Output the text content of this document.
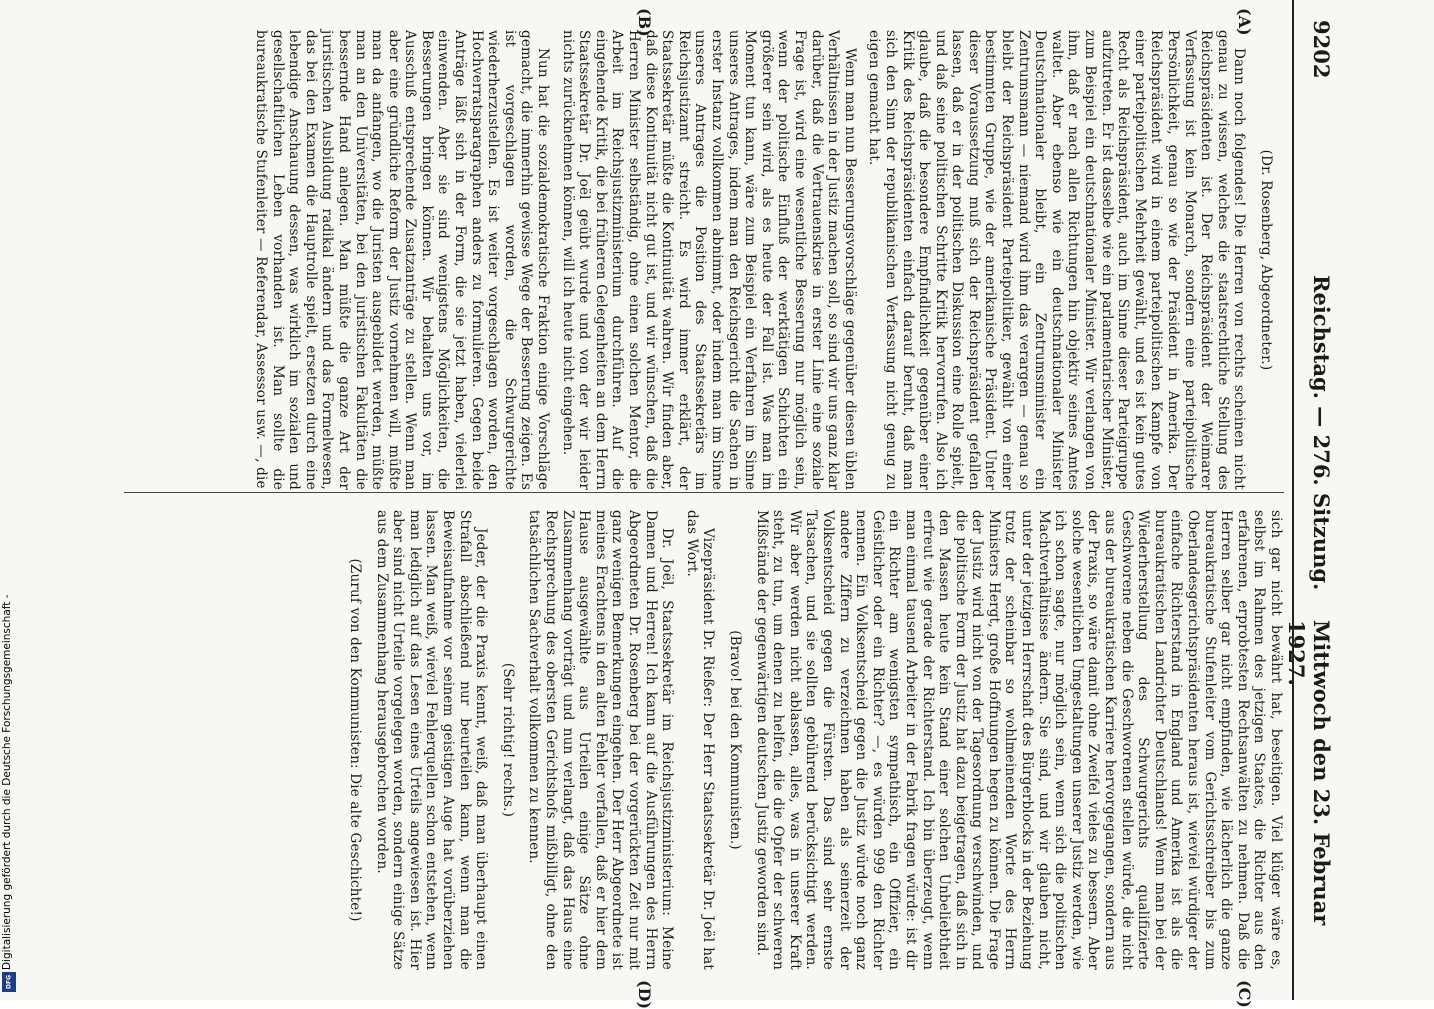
9202
Reichstag. — 276. Sitzung.
Mittwoch den 23. Februar 1927.
(A)
(B)
(C)
(D)

(Dr. Rosenberg, Abgeordneter.)

Dann noch folgendes! Die Herren von rechts scheinen nicht genau zu wissen, welches die staatsrechtliche Stellung des Reichspräsidenten ist. Der Reichspräsident der Weimarer Verfassung ist kein Monarch, sondern eine parteipolitische Persönlichkeit, genau so wie der Präsident in Amerika. Der Reichspräsident wird in einem parteipolitischen Kampfe von einer parteipolitischen Mehrheit gewählt, und es ist kein gutes Recht als Reichspräsident, auch im Sinne dieser Parteigruppe aufzutreten. Er ist dasselbe wie ein parlamentarischer Minister, zum Beispiel ein deutschnationaler Minister. Wir verlangen von ihm, daß er nach allen Richtungen hin objektiv seines Amtes waltet. Aber ebenso wie ein deutschnationaler Minister Deutschnationaler bleibt, ein Zentrumsminister ein Zentrumsmann — niemand wird ihm das verargen — genau so bleibt der Reichspräsident Parteipolitiker, gewählt von einer bestimmten Gruppe, wie der amerikanische Präsident. Unter dieser Voraussetzung muß sich der Reichspräsident gefallen lassen, daß er in der politischen Diskussion eine Rolle spielt, und daß seine politischen Schritte Kritik hervorrufen. Also ich glaube, daß die besondere Empfindlichkeit gegenüber einer Kritik des Reichspräsidenten einfach darauf beruht, daß man sich den Sinn der republikanischen Verfassung nicht genug zu eigen gemacht hat.

Wenn man nun Besserungsvorschläge gegenüber diesen üblen Verhältnissen in der Justiz machen soll, so sind wir uns ganz klar darüber, daß die Vertrauenskrise in erster Linie eine soziale Frage ist, wird eine wesentliche Besserung nur möglich sein, wenn der politische Einfluß der werktätigen Schichten ein größerer sein wird, als es heute der Fall ist. Was man im Moment tun kann, wäre zum Beispiel ein Verfahren im Sinne unseres Antrages, indem man den Reichsgericht die Sachen in erster Instanz vollkommen abnimmt, oder indem man im Sinne unseres Antrages die Position des Staatssekretärs im Reichsjustizamt streicht. Es wird immer erklärt, der Staatssekretär müßte die Kontinuität wahren. Wir finden aber, daß diese Kontinuität nicht gut ist, und wir wünschen, daß die Herren Minister selbständig, ohne einen solchen Mentor, die Arbeit im Reichsjustizministerium durchführen. Auf die eingehende Kritik, die bei früheren Gelegenheiten an dem Herrn Staatssekretär Dr. Joël geübt wurde und von der wir leider nichts zurücknehmen können, will ich heute nicht eingehen.

Nun hat die sozialdemokratische Fraktion einige Vorschläge gemacht, die immerhin gewisse Wege der Besserung zeigen. Es ist vorgeschlagen worden, die Schwurgerichte wiederherzustellen. Es ist weiter vorgeschlagen worden, den Hochverratsparagraphen anders zu formulieren. Gegen beide Anträge läßt sich in der Form, die sie jetzt haben, vielerlei einwenden. Aber sie sind wenigstens Möglichkeiten, die Besserungen bringen können. Wir behalten uns vor, im Ausschuß entsprechende Zusatzanträge zu stellen. Wenn man aber eine gründliche Reform der Justiz vornehmen will, müßte man da anfangen, wo die Juristen ausgebildet werden, müßte man an den Universitäten, bei den juristischen Fakultäten die bessernde Hand anlegen. Man müßte die ganze Art der juristischen Ausbildung radikal ändern und das Formelwesen, das bei den Examen die Hauptrolle spielt, ersetzen durch eine lebendige Anschauung dessen, was wirklich im sozialen und gesellschaftlichen Leben vorhanden ist. Man sollte die bureaukratische Stufenleiter — Referendar, Assessor usw. —, die

sich gar nicht bewährt hat, beseitigen. Viel klüger wäre es, selbst im Rahmen des jetzigen Staates, die Richter aus den erfahrenen, erprobtesten Rechtsanwälten zu nehmen. Daß die Herren selber gar nicht empfinden, wie lächerlich die ganze bureaukratische Stufenleiter vom Gerichtsschreiber bis zum Oberlandesgerichtspräsidenten heraus ist, wieviel würdiger der einfache Richterstand in England und Amerika ist als die bureaukratischen Landrichter Deutschlands! Wenn man bei der Wiederherstellung des Schwurgerichts qualifizierte Geschworene neben die Geschworenen stellen würde, die nicht aus der bureaukratischen Karriere hervorgegangen, sondern aus der Praxis, so wäre damit ohne Zweifel vieles zu bessern. Aber solche wesentlichen Umgestaltungen unserer Justiz werden, wie ich schon sagte, nur möglich sein, wenn sich die politischen Machtverhältnisse ändern. Sie sind, und wir glauben nicht, unter der jetzigen Herrschaft des Bürgerblocks in der Beziehung trotz der scheinbar so wohlmeinenden Worte des Herrn Ministers Hergt, große Hoffnungen hegen zu können. Die Frage der Justiz wird nicht von der Tagesordnung verschwinden, und die politische Form der Justiz hat dazu beigetragen, daß sich in den Massen heute kein Stand einer solchen Unbeliebtheit erfreut wie gerade der Richterstand. Ich bin überzeugt, wenn man einmal tausend Arbeiter in der Fabrik fragen würde: ist dir ein Richter am wenigsten sympathisch, ein Offizier, ein Geistlicher oder ein Richter? —, es würden 999 den Richter nennen. Ein Volksentscheid gegen die Justiz würde noch ganz andere Ziffern zu verzeichnen haben als seinerzeit der Volksentscheid gegen die Fürsten. Das sind sehr ernste Tatsachen, und sie sollten gebührend berücksichtigt werden. Wir aber werden nicht ablassen, alles, was in unserer Kraft steht, zu tun, um denen zu helfen, die die Opfer der schweren Mißstände der gegenwärtigen deutschen Justiz geworden sind.

(Bravo! bei den Kommunisten.)

Vizepräsident Dr. Rießer: Der Herr Staatssekretär Dr. Joël hat das Wort.

Dr. Joël, Staatssekretär im Reichsjustizministerium: Meine Damen und Herren! Ich kann auf die Ausführungen des Herrn Abgeordneten Dr. Rosenberg bei der vorgerückten Zeit nur mit ganz wenigen Bemerkungen eingehen. Der Herr Abgeordnete ist meines Erachtens in den alten Fehler verfallen, daß er hier dem Hause ausgewählte aus Urteilen einige Sätze ohne Zusammenhang vorträgt und nun verlangt, daß das Haus eine Rechtsprechung des obersten Gerichtshofs mißbilligt, ohne den tatsächlichen Sachverhalt vollkommen zu kennen.

(Sehr richtig! rechts.)

Jeder, der die Praxis kennt, weiß, daß man überhaupt einen Strafall abschließend nur beurteilen kann, wenn man die Beweisaufnahme vor seinem geistigen Auge hat vorüberziehen lassen. Man weiß, wieviel Fehlerquellen schon entstehen, wenn man lediglich auf das Lesen eines Urteils angewiesen ist. Hier aber sind nicht Urteile vorgelegen worden, sondern einige Sätze aus dem Zusammenhang herausgebrochen worden.

(Zuruf von den Kommunisten: Die alte Geschichte!)

Digitalisierung gefördert durch die Deutsche Forschungsgemeinschaft -
DFG
